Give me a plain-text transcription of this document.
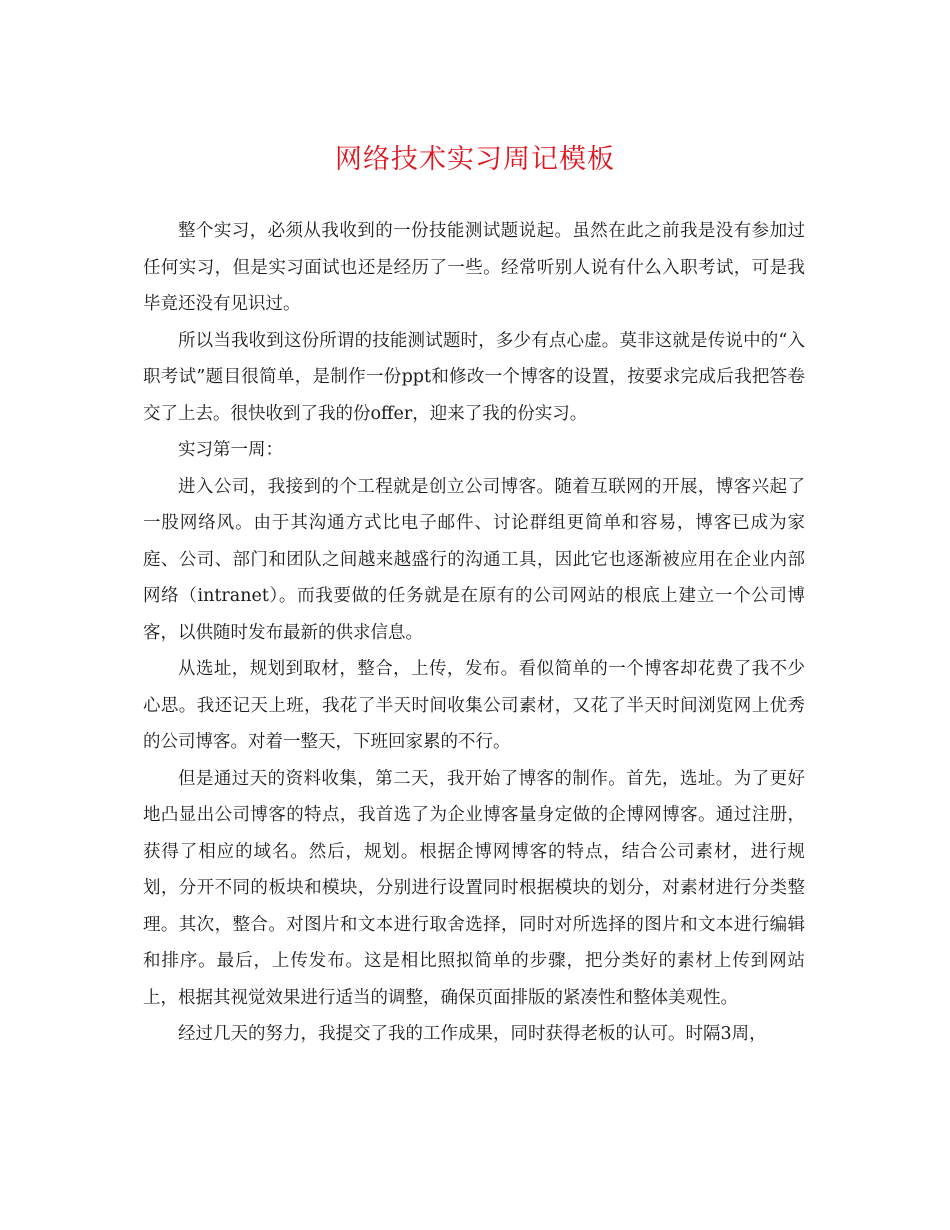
网络技术实习周记模板

整个实习，必须从我收到的一份技能测试题说起。虽然在此之前我是没有参加过任何实习，但是实习面试也还是经历了一些。经常听别人说有什么入职考试，可是我毕竟还没有见识过。

所以当我收到这份所谓的技能测试题时，多少有点心虚。莫非这就是传说中的“入职考试”题目很简单，是制作一份ppt和修改一个博客的设置，按要求完成后我把答卷交了上去。很快收到了我的份offer，迎来了我的份实习。

实习第一周：

进入公司，我接到的个工程就是创立公司博客。随着互联网的开展，博客兴起了一股网络风。由于其沟通方式比电子邮件、讨论群组更简单和容易，博客已成为家庭、公司、部门和团队之间越来越盛行的沟通工具，因此它也逐渐被应用在企业内部网络（intranet）。而我要做的任务就是在原有的公司网站的根底上建立一个公司博客，以供随时发布最新的供求信息。

从选址，规划到取材，整合，上传，发布。看似简单的一个博客却花费了我不少心思。我还记天上班，我花了半天时间收集公司素材，又花了半天时间浏览网上优秀的公司博客。对着一整天，下班回家累的不行。

但是通过天的资料收集，第二天，我开始了博客的制作。首先，选址。为了更好地凸显出公司博客的特点，我首选了为企业博客量身定做的企博网博客。通过注册，获得了相应的域名。然后，规划。根据企博网博客的特点，结合公司素材，进行规划，分开不同的板块和模块，分别进行设置同时根据模块的划分，对素材进行分类整理。其次，整合。对图片和文本进行取舍选择，同时对所选择的图片和文本进行编辑和排序。最后，上传发布。这是相比照拟简单的步骤，把分类好的素材上传到网站上，根据其视觉效果进行适当的调整，确保页面排版的紧凑性和整体美观性。

经过几天的努力，我提交了我的工作成果，同时获得老板的认可。时隔3周，
